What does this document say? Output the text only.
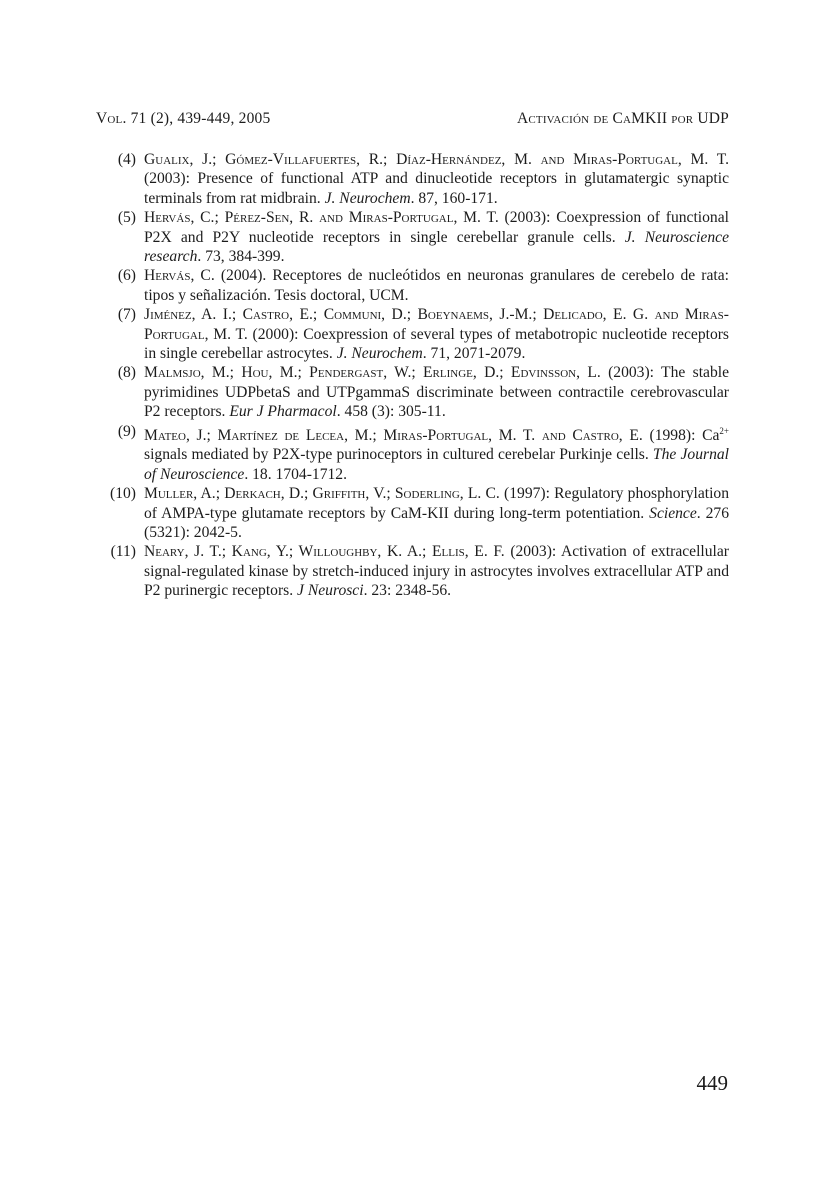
Vol. 71 (2), 439-449, 2005	Activación de CaMKII por UDP

(4) Gualix, J.; Gómez-Villafuertes, R.; Díaz-Hernández, M. and Miras-Portugal, M. T. (2003): Presence of functional ATP and dinucleotide receptors in glutamatergic synaptic terminals from rat midbrain. J. Neurochem. 87, 160-171.

(5) Hervás, C.; Pérez-Sen, R. and Miras-Portugal, M. T. (2003): Coexpression of functional P2X and P2Y nucleotide receptors in single cerebellar granule cells. J. Neuroscience research. 73, 384-399.

(6) Hervás, C. (2004). Receptores de nucleótidos en neuronas granulares de cerebelo de rata: tipos y señalización. Tesis doctoral, UCM.

(7) Jiménez, A. I.; Castro, E.; Communi, D.; Boeynaems, J.-M.; Delicado, E. G. and Miras-Portugal, M. T. (2000): Coexpression of several types of metabotropic nucleotide receptors in single cerebellar astrocytes. J. Neurochem. 71, 2071-2079.

(8) Malmsjo, M.; Hou, M.; Pendergast, W.; Erlinge, D.; Edvinsson, L. (2003): The stable pyrimidines UDPbetaS and UTPgammaS discriminate between contractile cerebrovascular P2 receptors. Eur J Pharmacol. 458 (3): 305-11.

(9) Mateo, J.; Martínez de Lecea, M.; Miras-Portugal, M. T. and Castro, E. (1998): $Ca^{2+}$ signals mediated by P2X-type purinoceptors in cultured cerebelar Purkinje cells. The Journal of Neuroscience. 18. 1704-1712.

(10) Muller, A.; Derkach, D.; Griffith, V.; Soderling, L. C. (1997): Regulatory phosphorylation of AMPA-type glutamate receptors by CaM-KII during long-term potentiation. Science. 276 (5321): 2042-5.

(11) Neary, J. T.; Kang, Y.; Willoughby, K. A.; Ellis, E. F. (2003): Activation of extracellular signal-regulated kinase by stretch-induced injury in astrocytes involves extracellular ATP and P2 purinergic receptors. J Neurosci. 23: 2348-56.

449
